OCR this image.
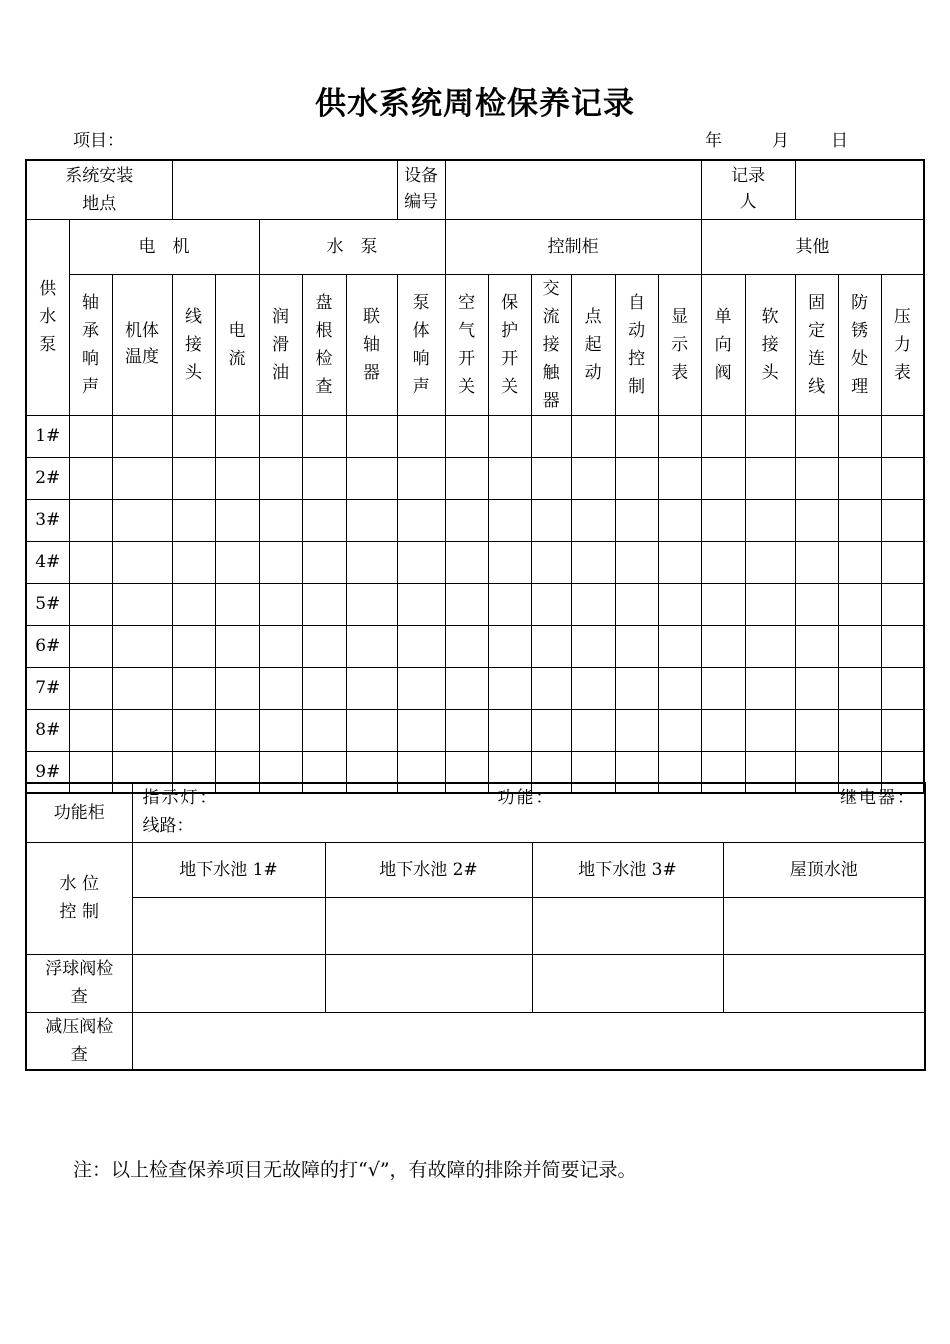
供水系统周检保养记录
项目：	年	月 日
系统安装地点								设备编号							记录人				
供水泵	电　机				水　泵				控制柜						其他				
	轴承响声	机体温度	线接头	电流	润滑油	盘根检查	联轴器	泵体响声	空气开关	保护开关	交流接触器	点起动	自动控制	显示表	单向阀	软接头	固定连线	防锈处理	压力表
1#																			
2#																			
3#																			
4#																			
5#																			
6#																			
7#																			
8#																			
9#																			
功能柜	指示灯： 功能： 继电器：
线路：			

水 位
控 制	地下水池 1#	地下水池 2#	地下水池 3#	屋顶水池

浮球阀检查				
减压阀检查				
注：以上检查保养项目无故障的打“√”，有故障的排除并简要记录。
